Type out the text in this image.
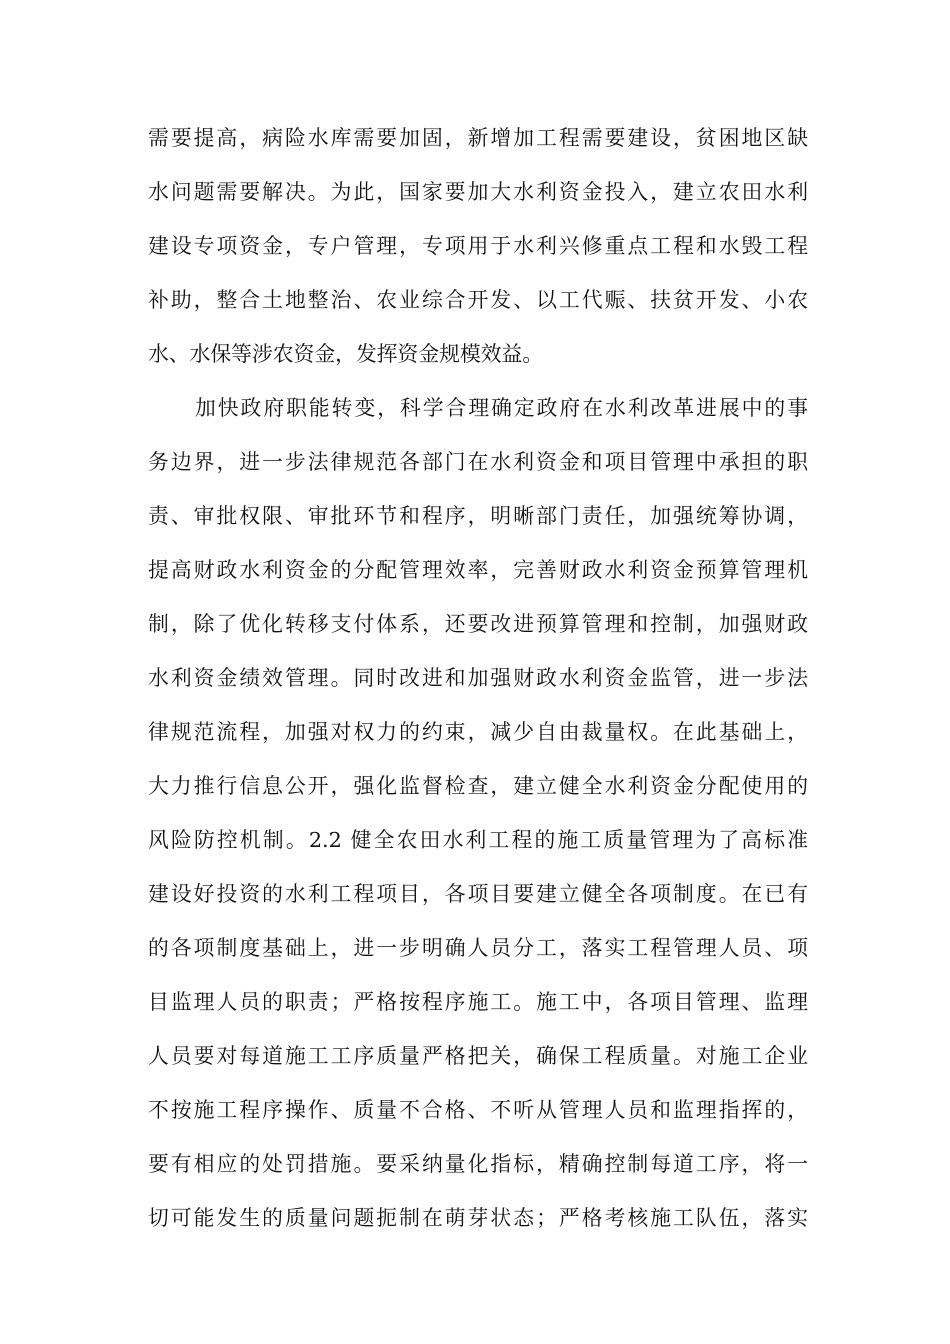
需要提高，病险水库需要加固，新增加工程需要建设，贫困地区缺
水问题需要解决。为此，国家要加大水利资金投入，建立农田水利
建设专项资金，专户管理，专项用于水利兴修重点工程和水毁工程
补助，整合土地整治、农业综合开发、以工代赈、扶贫开发、小农
水、水保等涉农资金，发挥资金规模效益。
加快政府职能转变，科学合理确定政府在水利改革进展中的事
务边界，进一步法律规范各部门在水利资金和项目管理中承担的职
责、审批权限、审批环节和程序，明晰部门责任，加强统筹协调，
提高财政水利资金的分配管理效率，完善财政水利资金预算管理机
制，除了优化转移支付体系，还要改进预算管理和控制，加强财政
水利资金绩效管理。同时改进和加强财政水利资金监管，进一步法
律规范流程，加强对权力的约束，减少自由裁量权。在此基础上，
大力推行信息公开，强化监督检查，建立健全水利资金分配使用的
风险防控机制。2.2 健全农田水利工程的施工质量管理为了高标准
建设好投资的水利工程项目，各项目要建立健全各项制度。在已有
的各项制度基础上，进一步明确人员分工，落实工程管理人员、项
目监理人员的职责；严格按程序施工。施工中，各项目管理、监理
人员要对每道施工工序质量严格把关，确保工程质量。对施工企业
不按施工程序操作、质量不合格、不听从管理人员和监理指挥的，
要有相应的处罚措施。要采纳量化指标，精确控制每道工序，将一
切可能发生的质量问题扼制在萌芽状态；严格考核施工队伍，落实
